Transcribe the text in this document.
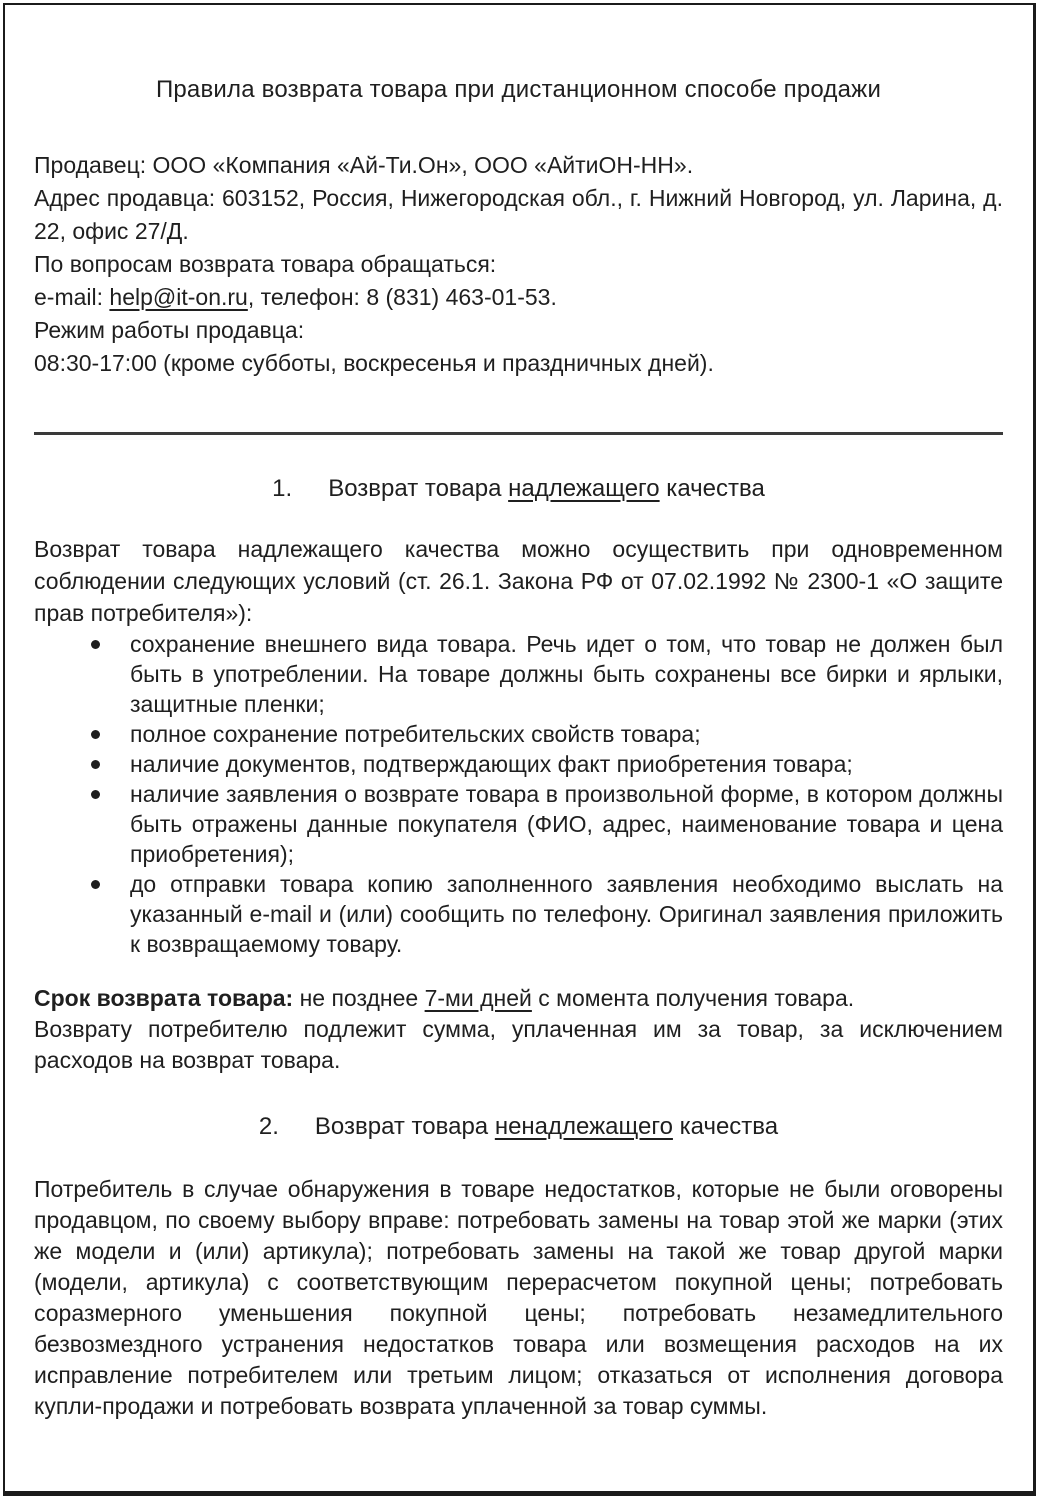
Правила возврата товара при дистанционном способе продажи

Продавец: ООО «Компания «Ай-Ти.Он», ООО «АйтиОН-НН».

Адрес продавца: 603152, Россия, Нижегородская обл., г. Нижний Новгород, ул. Ларина, д. 22, офис 27/Д.

По вопросам возврата товара обращаться:

e-mail: help@it-on.ru, телефон: 8 (831) 463-01-53.

Режим работы продавца:

08:30-17:00 (кроме субботы, воскресенья и праздничных дней).

1. Возврат товара надлежащего качества

Возврат товара надлежащего качества можно осуществить при одновременном соблюдении следующих условий (ст. 26.1. Закона РФ от 07.02.1992 № 2300-1 «О защите прав потребителя»):

сохранение внешнего вида товара. Речь идет о том, что товар не должен был быть в употреблении. На товаре должны быть сохранены все бирки и ярлыки, защитные пленки;
полное сохранение потребительских свойств товара;
наличие документов, подтверждающих факт приобретения товара;
наличие заявления о возврате товара в произвольной форме, в котором должны быть отражены данные покупателя (ФИО, адрес, наименование товара и цена приобретения);
до отправки товара копию заполненного заявления необходимо выслать на указанный e-mail и (или) сообщить по телефону. Оригинал заявления приложить к возвращаемому товару.

Срок возврата товара: не позднее 7-ми дней с момента получения товара.

Возврату потребителю подлежит сумма, уплаченная им за товар, за исключением расходов на возврат товара.

2. Возврат товара ненадлежащего качества

Потребитель в случае обнаружения в товаре недостатков, которые не были оговорены продавцом, по своему выбору вправе: потребовать замены на товар этой же марки (этих же модели и (или) артикула); потребовать замены на такой же товар другой марки (модели, артикула) с соответствующим перерасчетом покупной цены; потребовать соразмерного уменьшения покупной цены; потребовать незамедлительного безвозмездного устранения недостатков товара или возмещения расходов на их исправление потребителем или третьим лицом; отказаться от исполнения договора купли-продажи и потребовать возврата уплаченной за товар суммы.
